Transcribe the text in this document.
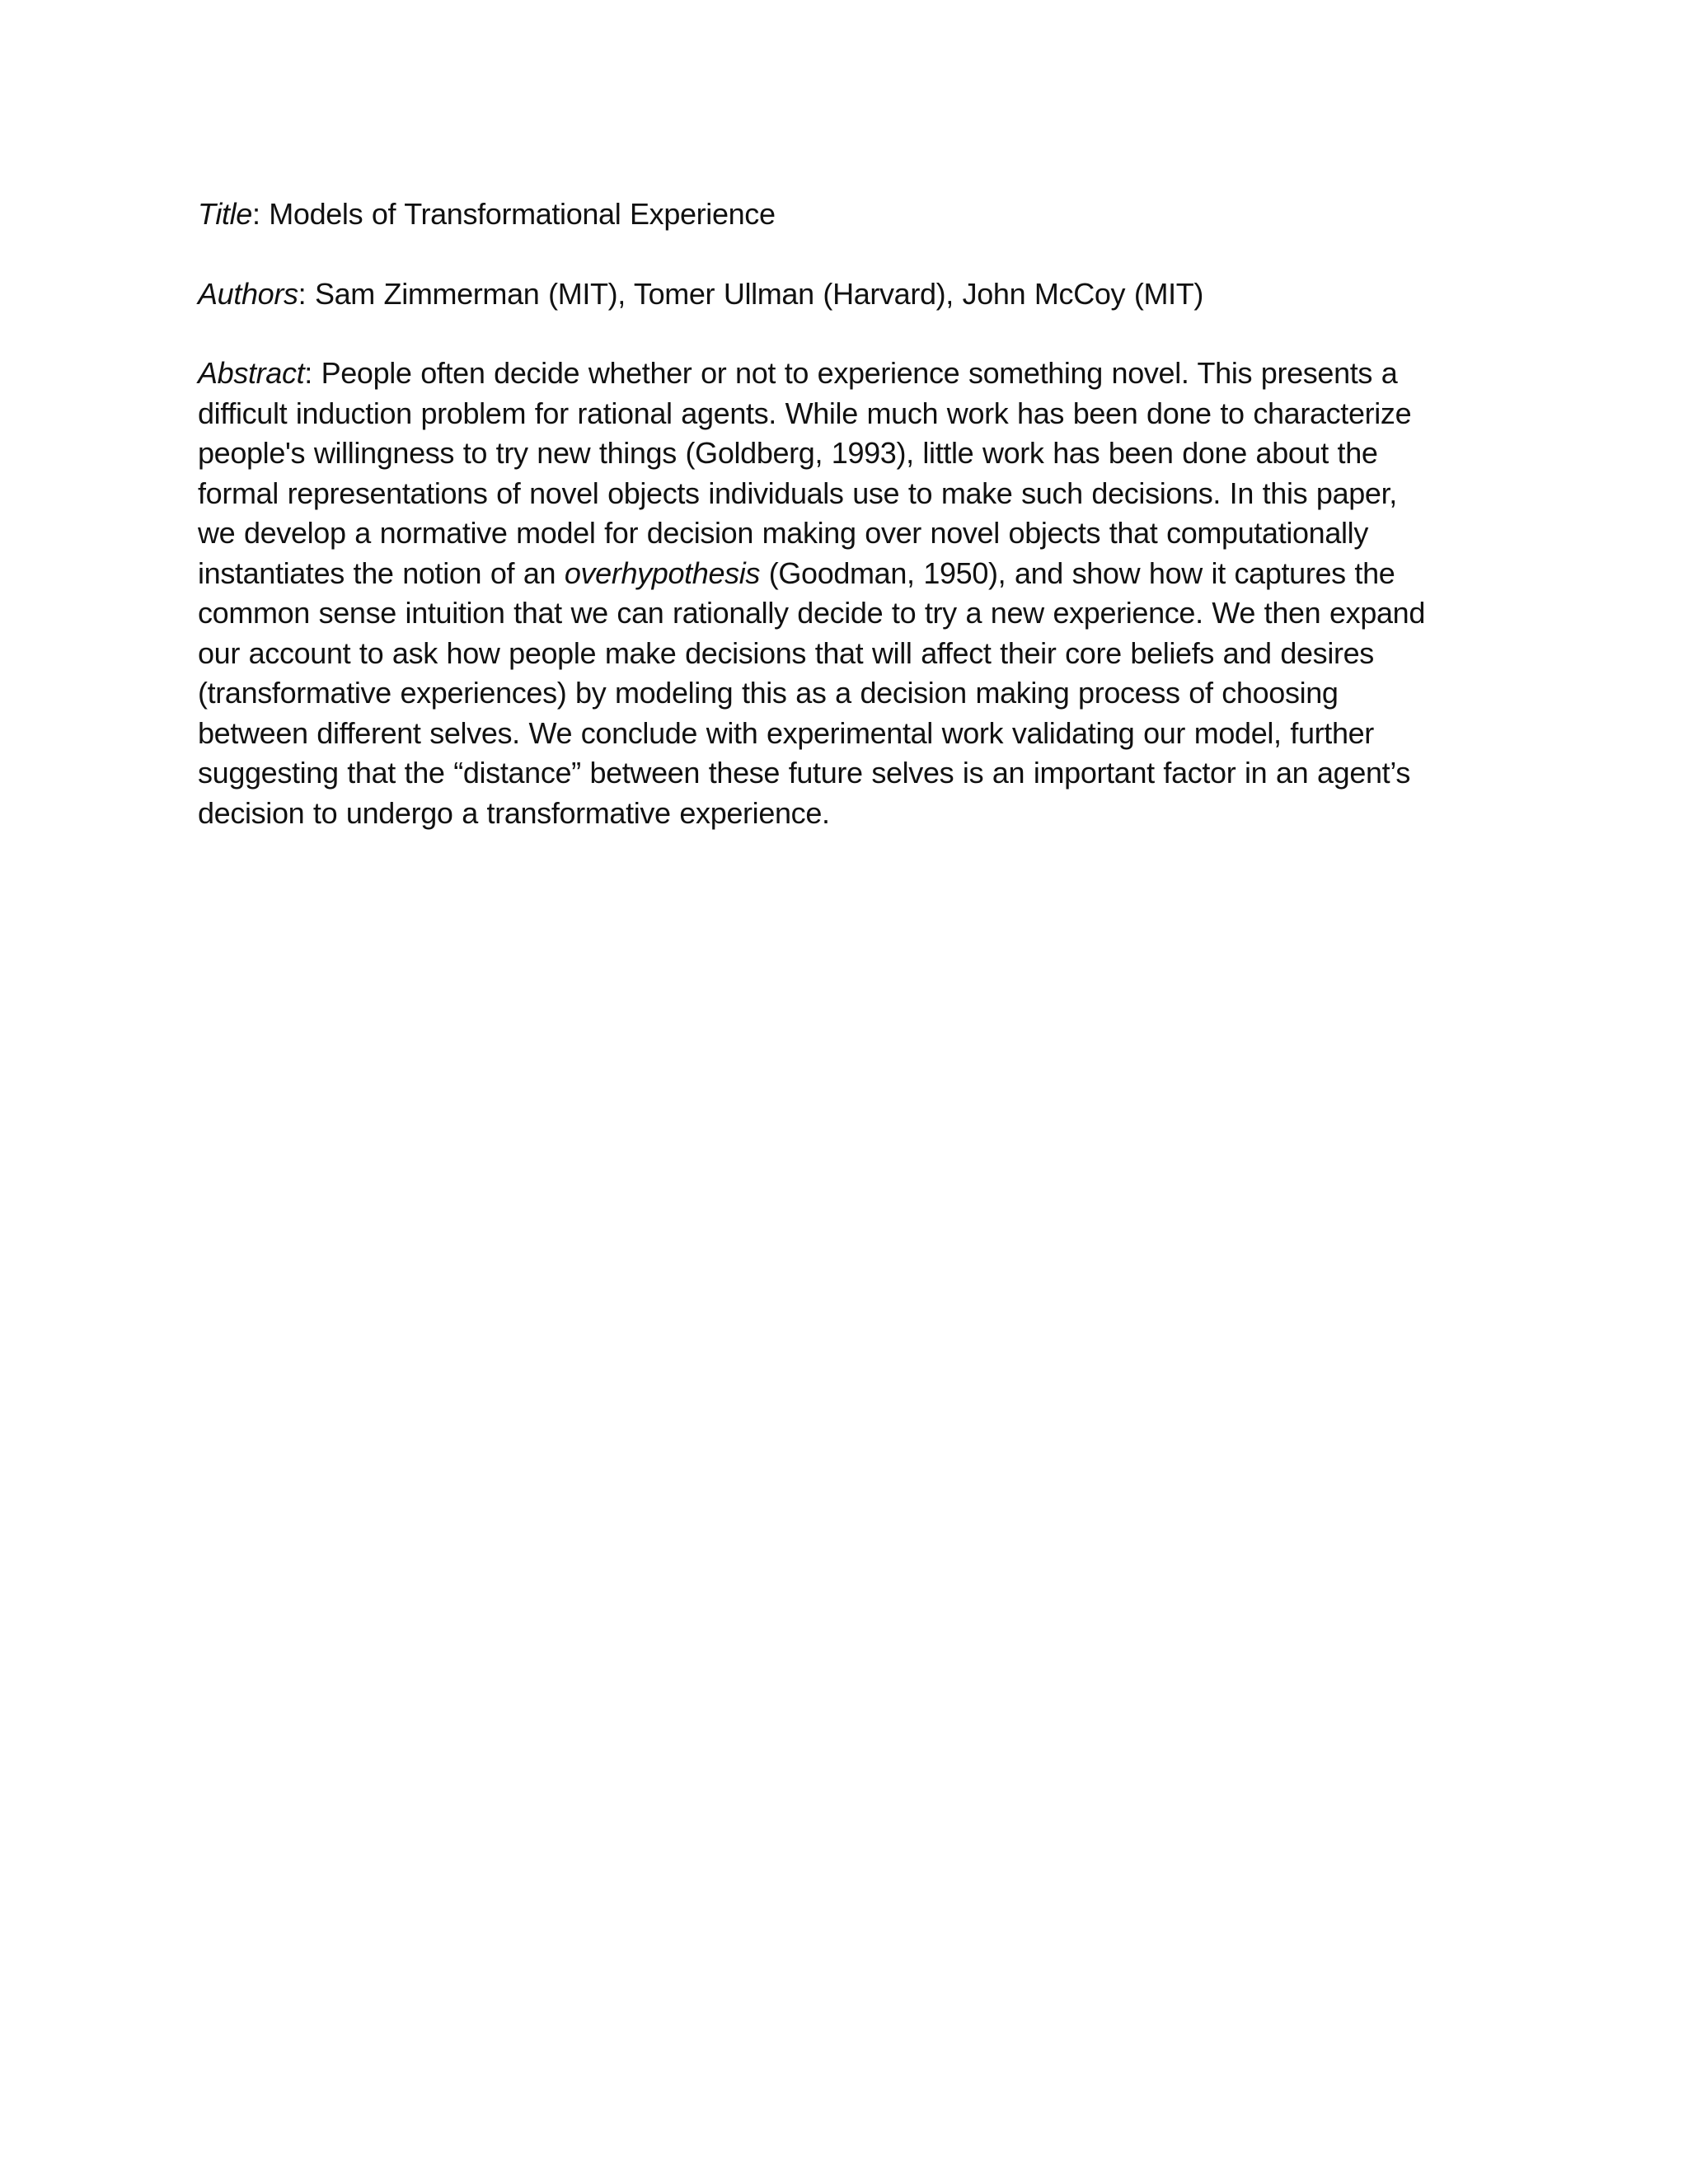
Title: Models of Transformational Experience

Authors: Sam Zimmerman (MIT), Tomer Ullman (Harvard), John McCoy (MIT)

Abstract: People often decide whether or not to experience something novel. This presents a
difficult induction problem for rational agents. While much work has been done to characterize
people's willingness to try new things (Goldberg, 1993), little work has been done about the
formal representations of novel objects individuals use to make such decisions. In this paper,
we develop a normative model for decision making over novel objects that computationally
instantiates the notion of an overhypothesis (Goodman, 1950), and show how it captures the
common sense intuition that we can rationally decide to try a new experience. We then expand
our account to ask how people make decisions that will affect their core beliefs and desires
(transformative experiences) by modeling this as a decision making process of choosing
between different selves. We conclude with experimental work validating our model, further
suggesting that the “distance” between these future selves is an important factor in an agent’s
decision to undergo a transformative experience.
